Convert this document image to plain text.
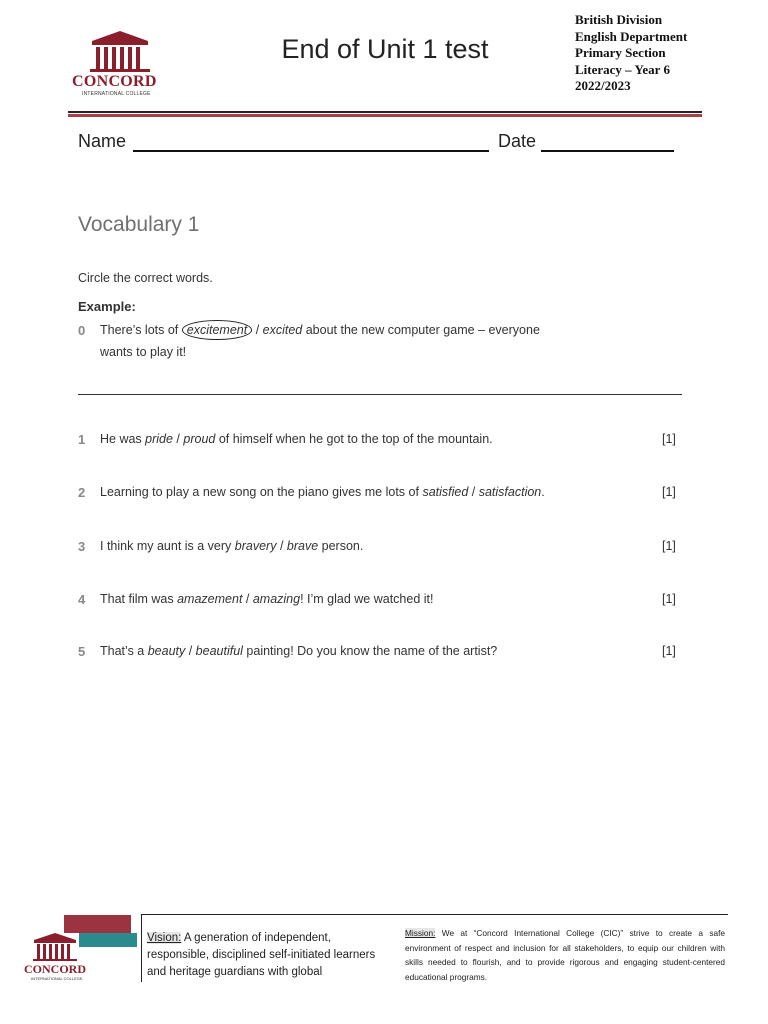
CONCORD
INTERNATIONAL COLLEGE
End of Unit 1 test
British Division
English Department
Primary Section
Literacy – Year 6
2022/2023
Name	Date
Vocabulary 1
Circle the correct words.
Example:
0 There’s lots of excitement / excited about the new computer game – everyone
wants to play it!
1 He was pride / proud of himself when he got to the top of the mountain.	[1]
2 Learning to play a new song on the piano gives me lots of satisfied / satisfaction.	[1]
3 I think my aunt is a very bravery / brave person.	[1]
4 That film was amazement / amazing! I’m glad we watched it!	[1]
5 That’s a beauty / beautiful painting! Do you know the name of the artist?	[1]
CONCORD
INTERNATIONAL COLLEGE
Vision: A generation of independent, responsible, disciplined self-initiated learners and heritage guardians with global
Mission: We at “Concord International College (CIC)” strive to create a safe environment of respect and inclusion for all stakeholders, to equip our children with skills needed to flourish, and to provide rigorous and engaging student-centered educational programs.
